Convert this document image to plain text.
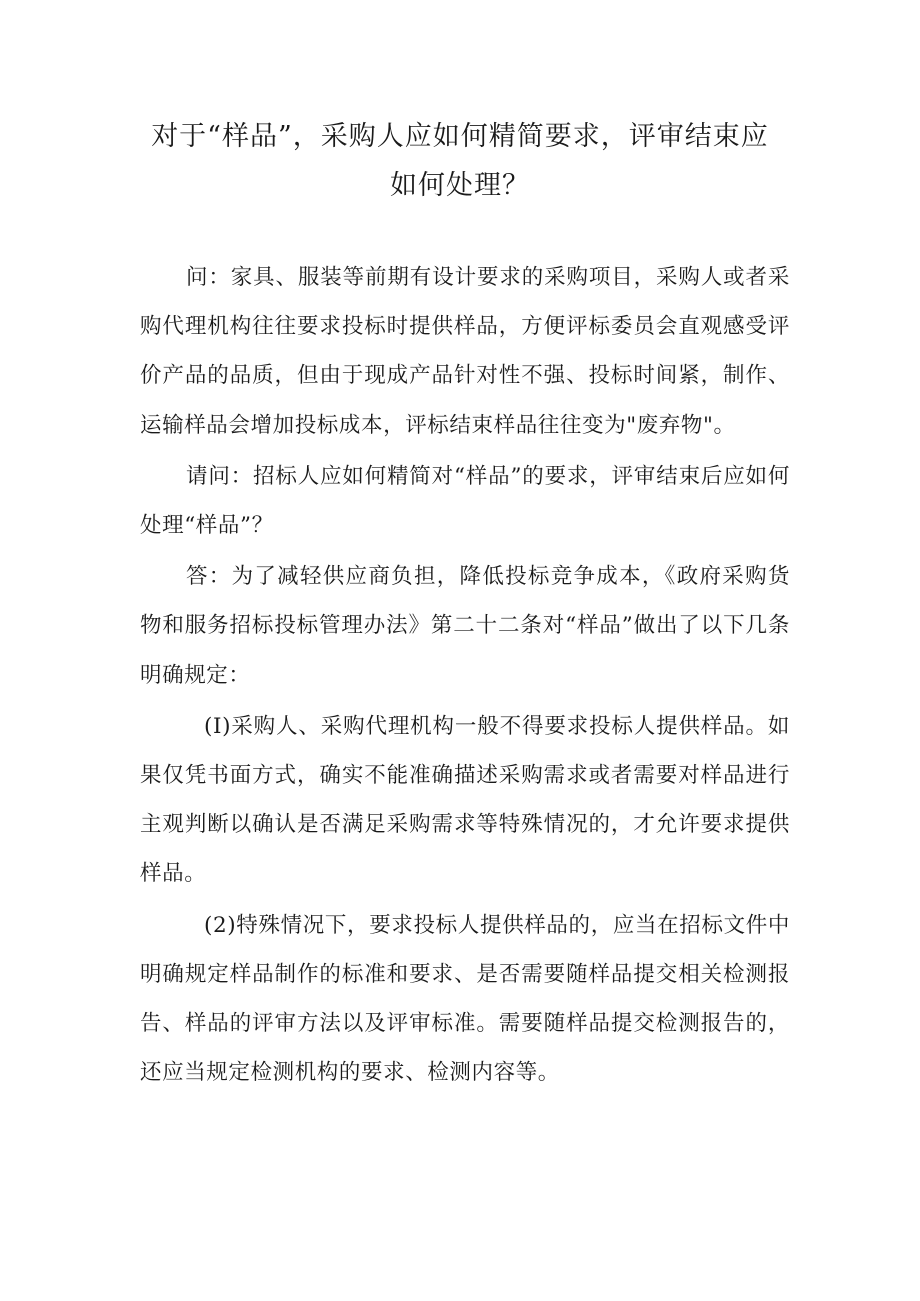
对于“样品”，采购人应如何精简要求，评审结束应
如何处理？

问：家具、服装等前期有设计要求的采购项目，采购人或者采购代理机构往往要求投标时提供样品，方便评标委员会直观感受评价产品的品质，但由于现成产品针对性不强、投标时间紧，制作、运输样品会增加投标成本，评标结束样品往往变为"废弃物"。

请问：招标人应如何精简对“样品”的要求，评审结束后应如何处理“样品”？

答：为了减轻供应商负担，降低投标竞争成本，《政府采购货物和服务招标投标管理办法》第二十二条对“样品”做出了以下几条明确规定：

(I)采购人、采购代理机构一般不得要求投标人提供样品。如果仅凭书面方式，确实不能准确描述采购需求或者需要对样品进行主观判断以确认是否满足采购需求等特殊情况的，才允许要求提供样品。

(2)特殊情况下，要求投标人提供样品的，应当在招标文件中明确规定样品制作的标准和要求、是否需要随样品提交相关检测报告、样品的评审方法以及评审标准。需要随样品提交检测报告的，还应当规定检测机构的要求、检测内容等。
